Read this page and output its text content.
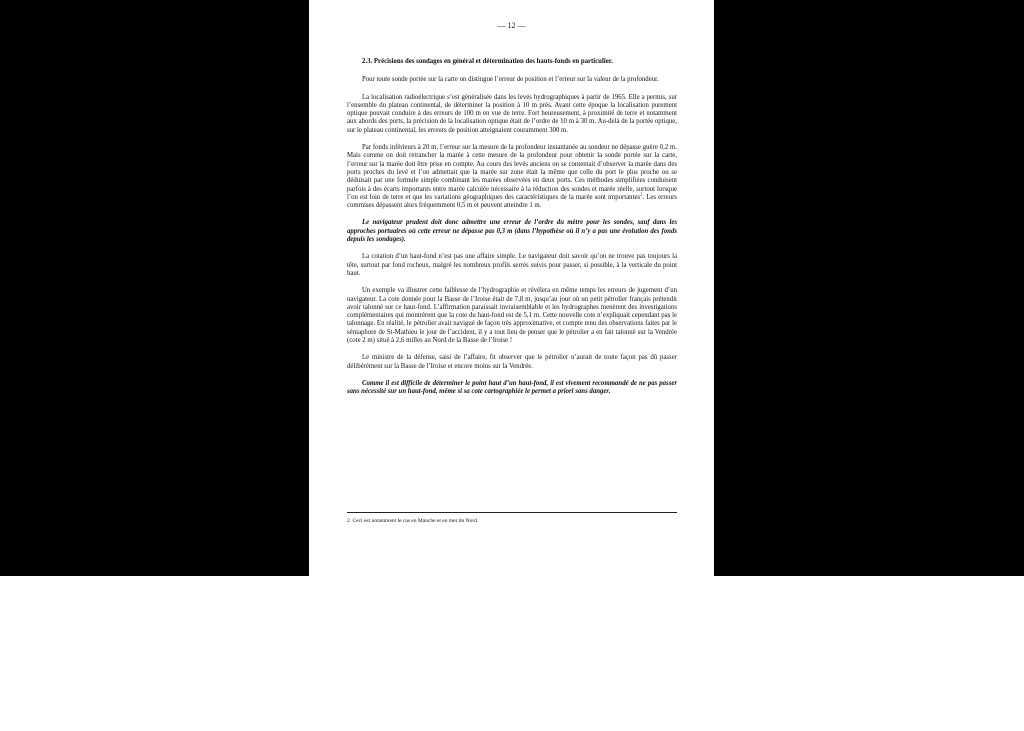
— 12 —
2.3. Précisions des sondages en général et détermination des hauts-fonds en particulier.

Pour toute sonde portée sur la carte on distingue l’erreur de position et l’erreur sur la valeur de la profondeur.

La localisation radioélectrique s’est généralisée dans les levés hydrographiques à partir de 1965. Elle a permis, sur l’ensemble du plateau continental, de déterminer la position à 10 m près. Avant cette époque la localisation purement optique pouvait conduire à des erreurs de 100 m en vue de terre. Fort heureusement, à proximité de terre et notamment aux abords des ports, la précision de la localisation optique était de l’ordre de 10 m à 30 m. Au-delà de la portée optique, sur le plateau continental, les erreurs de position atteignaient couramment 300 m.

Par fonds inférieurs à 20 m, l’erreur sur la mesure de la profondeur instantanée au sondeur ne dépasse guère 0,2 m. Mais comme on doit retrancher la marée à cette mesure de la profondeur pour obtenir la sonde portée sur la carte, l’erreur sur la marée doit être prise en compte. Au cours des levés anciens on se contentait d’observer la marée dans des ports proches du levé et l’on admettait que la marée sur zone était la même que celle du port le plus proche ou se déduisait par une formule simple combinant les marées observées en deux ports. Ces méthodes simplifiées conduisent parfois à des écarts importants entre marée calculée nécessaire à la réduction des sondes et marée réelle, surtout lorsque l’on est loin de terre et que les variations géographiques des caractéristiques de la marée sont importantes$^2$. Les erreurs commises dépassent alors fréquemment 0,5 m et peuvent atteindre 1 m.

Le navigateur prudent doit donc admettre une erreur de l’ordre du mètre pour les sondes, sauf dans les approches portuaires où cette erreur ne dépasse pas 0,3 m (dans l’hypothèse où il n’y a pas une évolution des fonds depuis les sondages).

La cotation d’un haut-fond n’est pas une affaire simple. Le navigateur doit savoir qu’on ne trouve pas toujours la tête, surtout par fond rocheux, malgré les nombreux profils serrés suivis pour passer, si possible, à la verticale du point haut.

Un exemple va illustrer cette faiblesse de l’hydrographie et révèlera en même temps les erreurs de jugement d’un navigateur. La cote donnée pour la Basse de l’Iroise était de 7,8 m, jusqu’au jour où un petit pétrolier français prétendit avoir talonné sur ce haut-fond. L’affirmation paraissait invraisemblable et les hydrographes menèrent des investigations complémentaires qui montrèrent que la cote du haut-fond est de 5,1 m. Cette nouvelle cote n’expliquait cependant pas le talonnage. En réalité, le pétrolier avait navigué de façon très approximative, et compte tenu des observations faites par le sémaphore de St-Mathieu le jour de l’accident, il y a tout lieu de penser que le pétrolier a en fait talonné sur la Vendrée (cote 2 m) situé à 2,6 milles au Nord de la Basse de l’Iroise !

Le ministre de la défense, saisi de l’affaire, fit observer que le pétrolier n’aurait de toute façon pas dû passer délibérément sur la Basse de l’Iroise et encore moins sur la Vendrée.

Comme il est difficile de déterminer le point haut d’un haut-fond, il est vivement recommandé de ne pas passer sans nécessité sur un haut-fond, même si sa cote cartographiée le permet a priori sans danger.

2. Ceci est notamment le cas en Manche et en mer du Nord.
